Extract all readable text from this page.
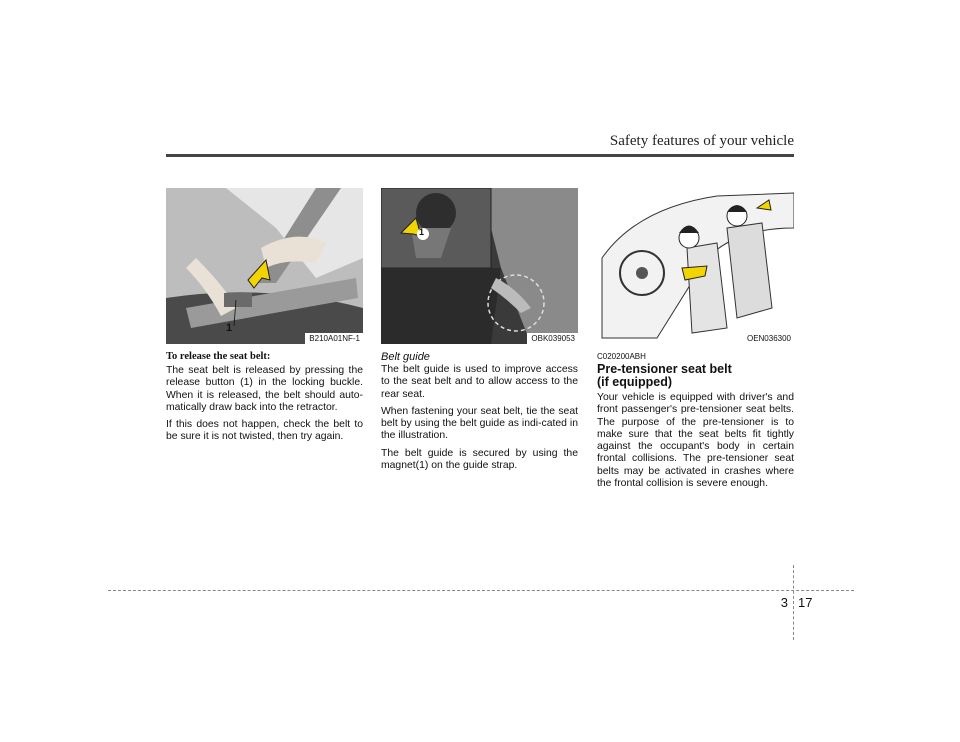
Safety features of your vehicle
1
B210A01NF-1
To release the seat belt:

The seat belt is released by pressing the release button (1) in the locking buckle. When it is released, the belt should auto-matically draw back into the retractor.

If this does not happen, check the belt to be sure it is not twisted, then try again.

1
OBK039053
Belt guide

The belt guide is used to improve access to the seat belt and to allow access to the rear seat.

When fastening your seat belt, tie the seat belt by using the belt guide as indi-cated in the illustration.

The belt guide is secured by using the magnet(1) on the guide strap.

OEN036300
C020200ABH
Pre-tensioner seat belt
(if equipped)

Your vehicle is equipped with driver's and front passenger's pre-tensioner seat belts. The purpose of the pre-tensioner is to make sure that the seat belts fit tightly against the occupant's body in certain frontal collisions. The pre-tensioner seat belts may be activated in crashes where the frontal collision is severe enough.

3 17
